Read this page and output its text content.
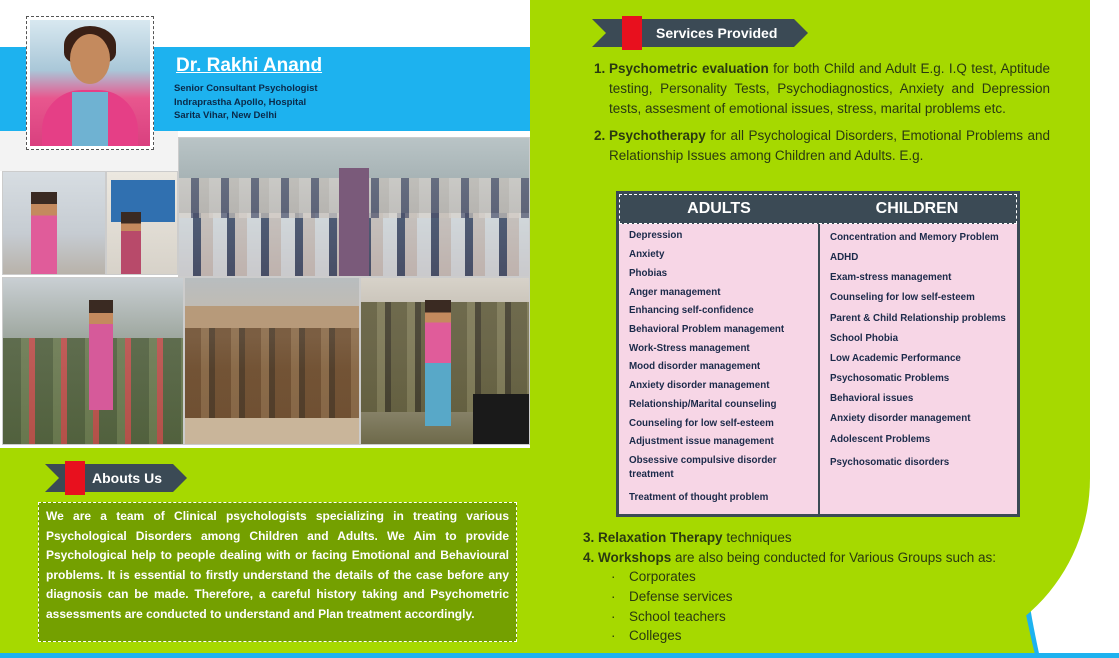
Dr. Rakhi Anand
Senior Consultant Psychologist
Indraprastha Apollo, Hospital
Sarita Vihar, New Delhi
Abouts Us
We are a team of Clinical psychologists specializing in treating various Psychological Disorders among Children and Adults. We Aim to provide Psychological help to people dealing with or facing Emotional and Behavioural problems. It is essential to firstly understand the details of the case before any diagnosis can be made. Therefore, a careful history taking and Psychometric assessments are conducted to understand and Plan treatment accordingly.
Services Provided
1. Psychometric evaluation for both Child and Adult E.g. I.Q test, Aptitude testing, Personality Tests, Psychodiagnostics, Anxiety and Depression tests, assesment of emotional issues, stress, marital problems etc.
2. Psychotherapy for all Psychological Disorders, Emotional Problems and Relationship Issues among Children and Adults. E.g.
ADULTS	CHILDREN
Depression
Anxiety
Phobias
Anger management
Enhancing self-confidence
Behavioral Problem management
Work-Stress management
Mood disorder management
Anxiety disorder management
Relationship/Marital counseling
Counseling for low self-esteem
Adjustment issue management
Obsessive compulsive disorder
treatment
Treatment of thought problem
Concentration and Memory Problem
ADHD
Exam-stress management
Counseling for low self-esteem
Parent & Child Relationship problems
School Phobia
Low Academic Performance
Psychosomatic Problems
Behavioral issues
Anxiety disorder management
Adolescent Problems
Psychosomatic disorders
3. Relaxation Therapy techniques
4. Workshops are also being conducted for Various Groups such as:
· Corporates
· Defense services
· School teachers
· Colleges
